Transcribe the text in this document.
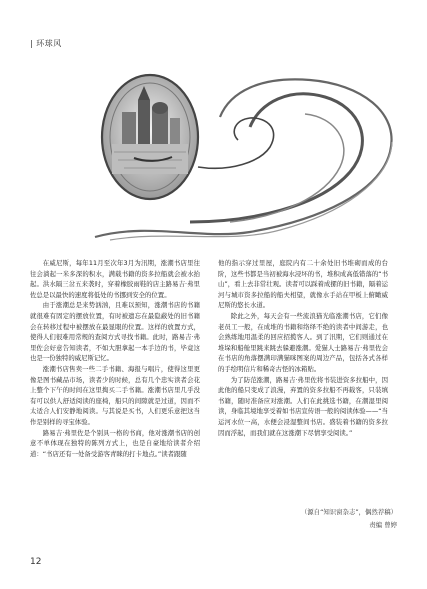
| 环球风

在威尼斯，每年11月至次年3月为汛期，涨潮书店里往往会淌起一米多深的积水，满载书籍的资多拉船就会被水抬起。洪水隔三岔五来袭时，穿着橡胶雨鞋的店主路易吉·弗里佐总是以最快的速度将低处的书挪到安全的位置。

由于涨潮总是来势汹汹，且难以预知，涨潮书店的书籍就很难有固定的摆放位置，有时被遗忘在最隐蔽处的旧书籍会在转移过程中被摆放在最显眼的位置。这样的放置方式，使得人们很难用常规的查阅方式寻找书籍。此时，路易吉·弗里佐会好意告知读者，不如大胆拿起一本手边的书，毕竟这也是一份独特的威尼斯记忆。

涨潮书店售卖一些二手书籍、海报与唱片，使得这里更像是图书藏品市场，读者少的时候，总有几个忠实读者会花上整个下午的时间在这里掏买二手书籍。涨潮书店里几乎没有可以供人舒适阅读的座椅，船只的间隙就是过道，因而不太适合人们安静地阅读。与其说是买书，人们更乐意把这当作是别样的寻宝体验。

路易吉·弗里佐是个别具一格的书商，他对涨潮书店的创意不单体现在独特的陈列方式上，也是自豪地给读者介绍道：“书店还有一处备受游客青睐的打卡地点。”读者跟随

他的指示穿过里屋，庭院内有二十余处旧书堆砌而成的台阶，这些书都是当初被海水浸坏的书，堆积成高低错落的“书山”，看上去非常壮观。读者可以踩着成摞的旧书籍，隔着运河与城市资多拉船的船夫相望，就像水手站在甲板上俯瞰威尼斯的悠长水道。

除此之外，每天会有一些流浪猫光临涨潮书店，它们像老员工一般，在成堆的书籍和络绎不绝的读者中间游走，也会熟练地用温柔的回应招揽客人。到了汛期，它们则通过在堆垛和船舱里跳来跳去躲避涨潮。爱猫人士路易吉·弗里佐会在书店的角落摆满印满猫咪图案的周边产品，包括各式各样的手绘明信片和稀奇古怪的冰箱贴。

为了防范涨潮，路易吉·弗里佐将书装进资多拉船中，因此他的船只变成了浪漫，弃置的资多拉船不再载客，只装填书籍，随时准备应对涨潮。人们在此挑选书籍，在潮湿里阅读，身临其境地享受着如书店宣传语一般的阅读体验——“当运河水位一高，水便会浸湿整间书店。盛装着书籍的资多拉因而浮起，而我们就在这涨潮下尽情享受阅读。”

（源自“知识窗杂志”，偶然荐稿）
责编 曾婷
12
